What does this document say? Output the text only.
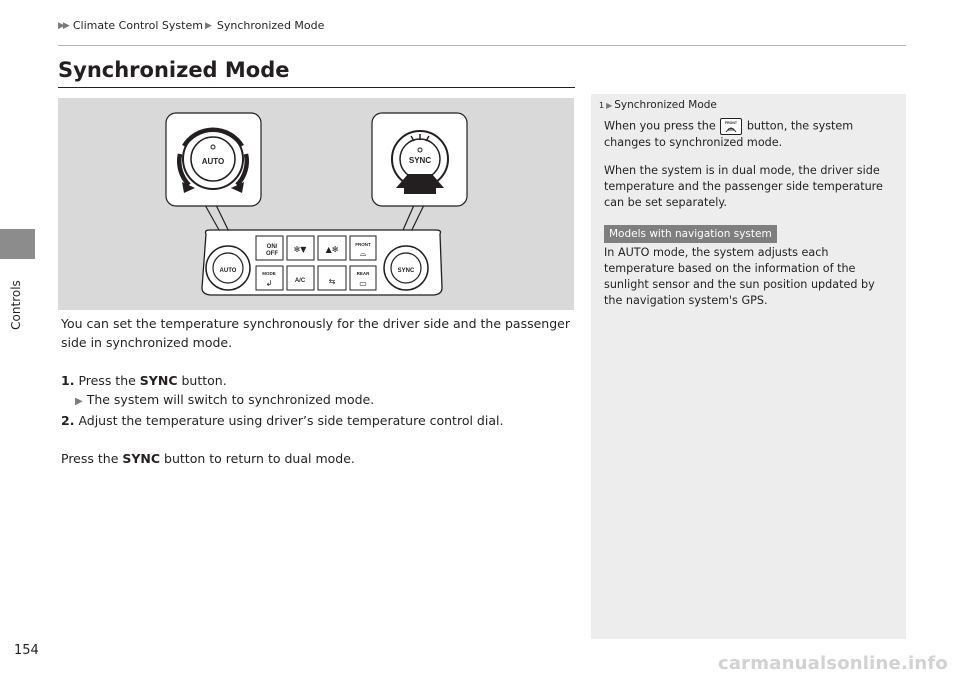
Controls
▶▶ Climate Control System ▶ Synchronized Mode
Synchronized Mode
AUTO	SYNC
AUTO	SYNC
ON/
OFF ✻▼ ▲✻
FRONT
⌓
MODE
↲	A/C	⇆
REAR
▭

You can set the temperature synchronously for the driver side and the passenger

side in synchronized mode.

1. Press the SYNC button.

▶ The system will switch to synchronized mode.

2. Adjust the temperature using driver’s side temperature control dial.

Press the SYNC button to return to dual mode.

1 ▶ Synchronized Mode

When you press the FRONT button, the system changes to synchronized mode.

When the system is in dual mode, the driver side temperature and the passenger side temperature can be set separately.

Models with navigation system

In AUTO mode, the system adjusts each temperature based on the information of the sunlight sensor and the sun position updated by the navigation system's GPS.

154
carmanualsonline.info
